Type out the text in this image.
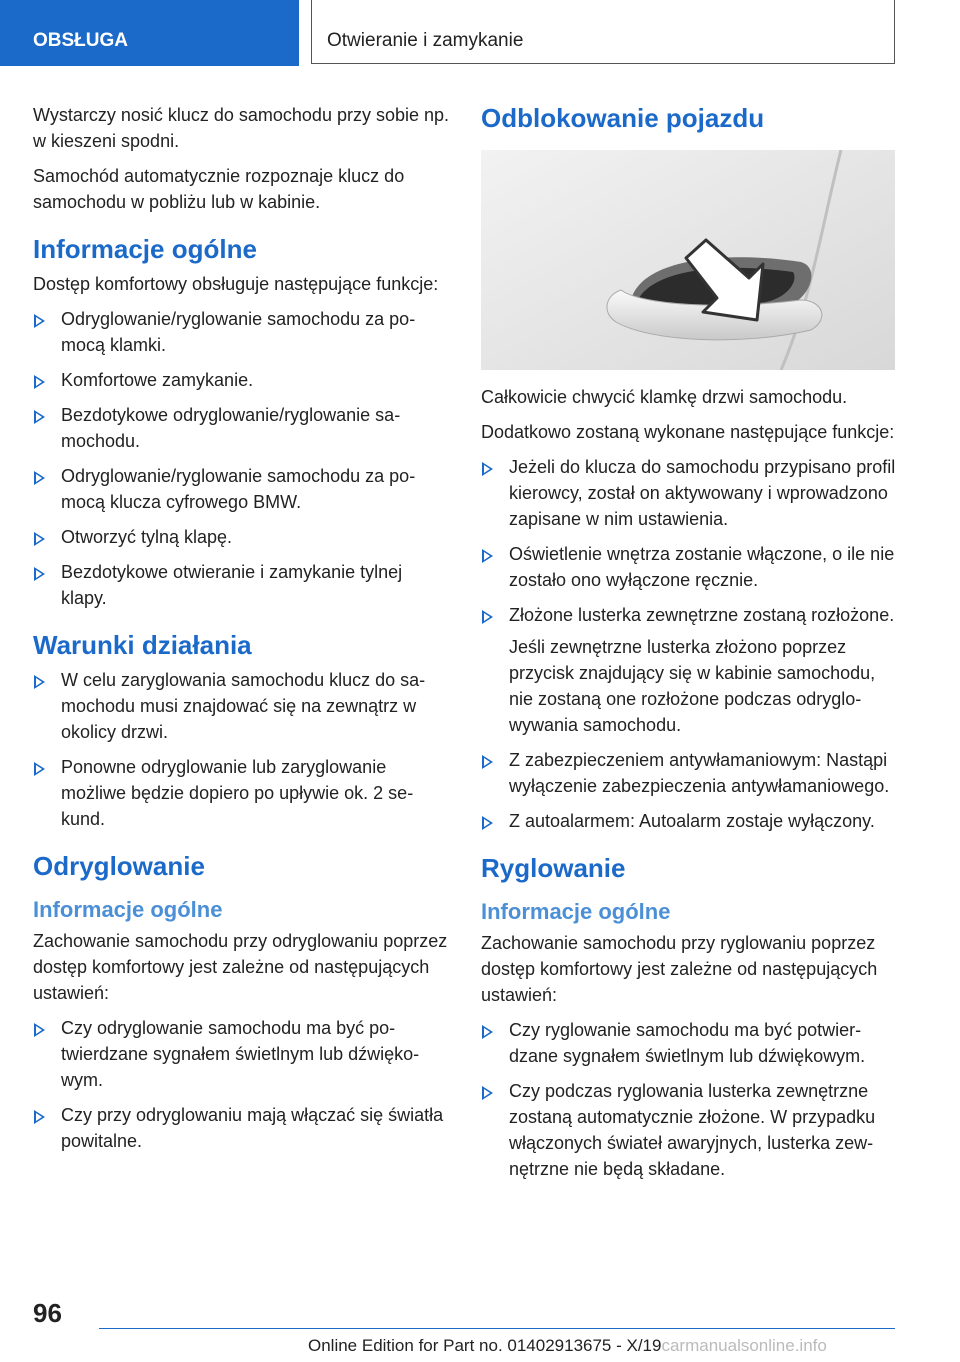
OBSŁUGA	Otwieranie i zamykanie

Wystarczy nosić klucz do samochodu przy sobie np. w kieszeni spodni.

Samochód automatycznie rozpoznaje klucz do samochodu w pobliżu lub w kabinie.

Informacje ogólne

Dostęp komfortowy obsługuje następujące funkcje:

Odryglowanie/ryglowanie samochodu za pomocą klamki.
Komfortowe zamykanie.
Bezdotykowe odryglowanie/ryglowanie samochodu.
Odryglowanie/ryglowanie samochodu za pomocą klucza cyfrowego BMW.
Otworzyć tylną klapę.
Bezdotykowe otwieranie i zamykanie tylnej klapy.
Warunki działania
W celu zaryglowania samochodu klucz do samochodu musi znajdować się na zewnątrz w okolicy drzwi.
Ponowne odryglowanie lub zaryglowanie możliwe będzie dopiero po upływie ok. 2 sekund.
Odryglowanie
Informacje ogólne

Zachowanie samochodu przy odryglowaniu poprzez dostęp komfortowy jest zależne od następujących ustawień:

Czy odryglowanie samochodu ma być potwierdzane sygnałem świetlnym lub dźwiękowym.
Czy przy odryglowaniu mają włączać się światła powitalne.
Odblokowanie pojazdu

Całkowicie chwycić klamkę drzwi samochodu.

Dodatkowo zostaną wykonane następujące funkcje:

Jeżeli do klucza do samochodu przypisano profil kierowcy, został on aktywowany i wprowadzono zapisane w nim ustawienia.
Oświetlenie wnętrza zostanie włączone, o ile nie zostało ono wyłączone ręcznie.
Złożone lusterka zewnętrzne zostaną rozłożone.

Jeśli zewnętrzne lusterka złożono poprzez przycisk znajdujący się w kabinie samochodu, nie zostaną one rozłożone podczas odryglowywania samochodu.

Z zabezpieczeniem antywłamaniowym: Nastąpi wyłączenie zabezpieczenia antywłamaniowego.
Z autoalarmem: Autoalarm zostaje wyłączony.
Ryglowanie
Informacje ogólne

Zachowanie samochodu przy ryglowaniu poprzez dostęp komfortowy jest zależne od następujących ustawień:

Czy ryglowanie samochodu ma być potwierdzane sygnałem świetlnym lub dźwiękowym.
Czy podczas ryglowania lusterka zewnętrzne zostaną automatycznie złożone. W przypadku włączonych świateł awaryjnych, lusterka zewnętrzne nie będą składane.
96
Online Edition for Part no. 01402913675 - X/19carmanualsonline.info
